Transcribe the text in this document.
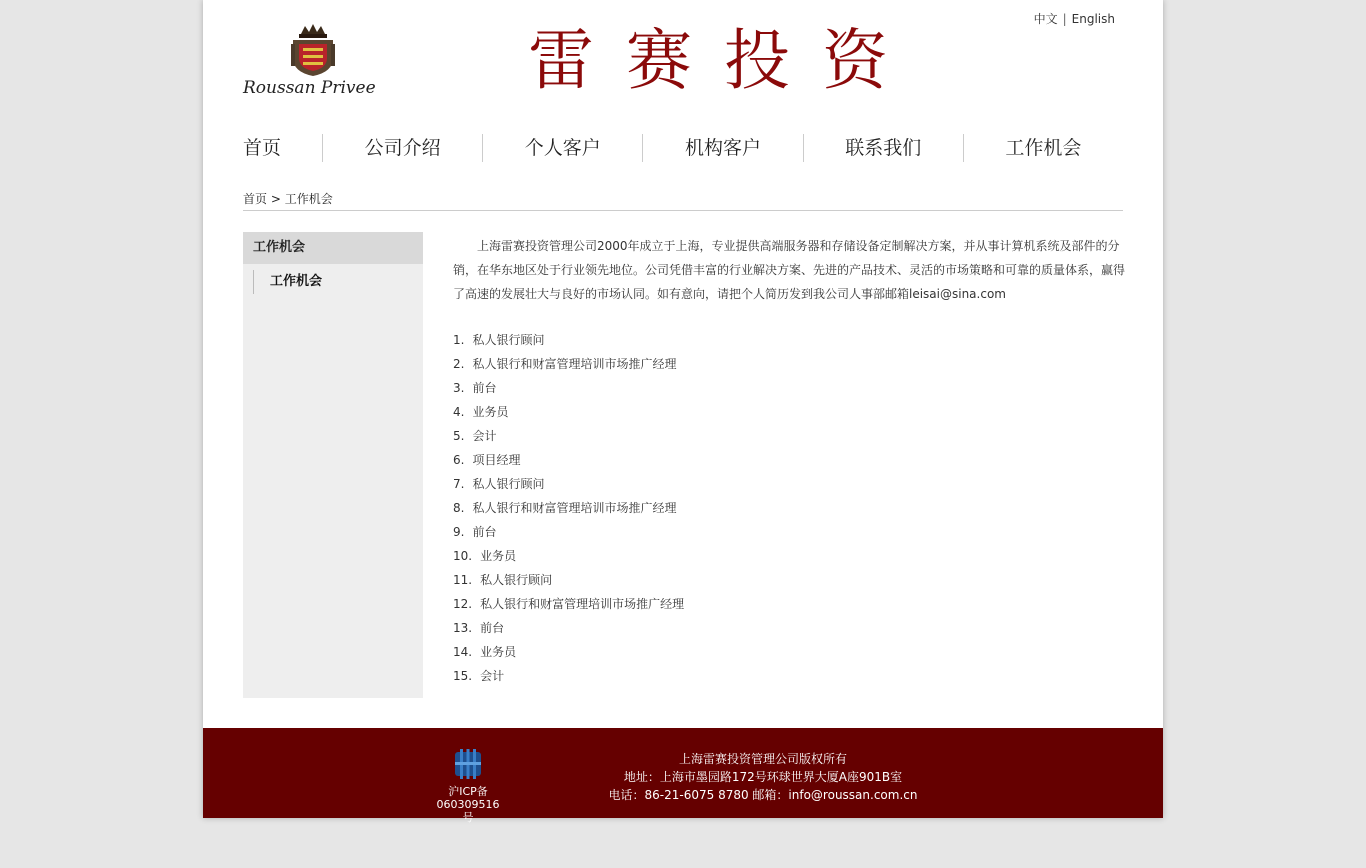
中文 | English
Roussan Privee 雷赛投资
首页	公司介绍	个人客户	机构客户	联系我们	工作机会
首页 > 工作机会
工作机会
工作机会

上海雷赛投资管理公司2000年成立于上海，专业提供高端服务器和存储设备定制解决方案，并从事计算机系统及部件的分销，在华东地区处于行业领先地位。公司凭借丰富的行业解决方案、先进的产品技术、灵活的市场策略和可靠的质量体系，赢得了高速的发展壮大与良好的市场认同。如有意向，请把个人简历发到我公司人事部邮箱leisai@sina.com

1. 私人银行顾问
2. 私人银行和财富管理培训市场推广经理
3. 前台
4. 业务员
5. 会计
6. 项目经理
7. 私人银行顾问
8. 私人银行和财富管理培训市场推广经理
9. 前台
10. 业务员
11. 私人银行顾问
12. 私人银行和财富管理培训市场推广经理
13. 前台
14. 业务员
15. 会计
沪ICP备
060309516号
上海雷赛投资管理公司版权所有
地址：上海市墨园路172号环球世界大厦A座901B室
电话：86-21-6075 8780 邮箱：info@roussan.com.cn
